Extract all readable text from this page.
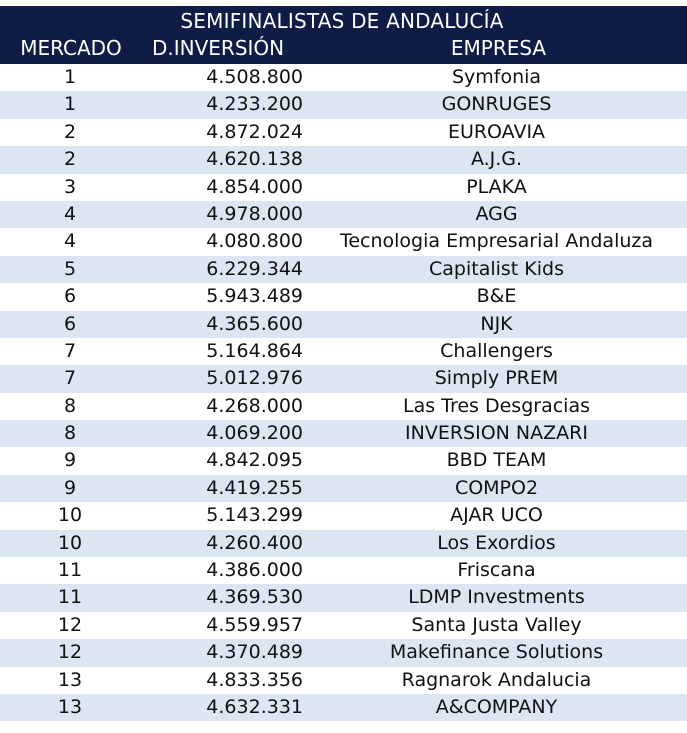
SEMIFINALISTAS DE ANDALUCÍA
MERCADO	D.INVERSIÓN	EMPRESA
1	4.508.800	Symfonia
1	4.233.200	GONRUGES
2	4.872.024	EUROAVIA
2	4.620.138	A.J.G.
3	4.854.000	PLAKA
4	4.978.000	AGG
4	4.080.800	Tecnologia Empresarial Andaluza
5	6.229.344	Capitalist Kids
6	5.943.489	B&E
6	4.365.600	NJK
7	5.164.864	Challengers
7	5.012.976	Simply PREM
8	4.268.000	Las Tres Desgracias
8	4.069.200	INVERSION NAZARI
9	4.842.095	BBD TEAM
9	4.419.255	COMPO2
10	5.143.299	AJAR UCO
10	4.260.400	Los Exordios
11	4.386.000	Friscana
11	4.369.530	LDMP Investments
12	4.559.957	Santa Justa Valley
12	4.370.489	Makefinance Solutions
13	4.833.356	Ragnarok Andalucia
13	4.632.331	A&COMPANY
